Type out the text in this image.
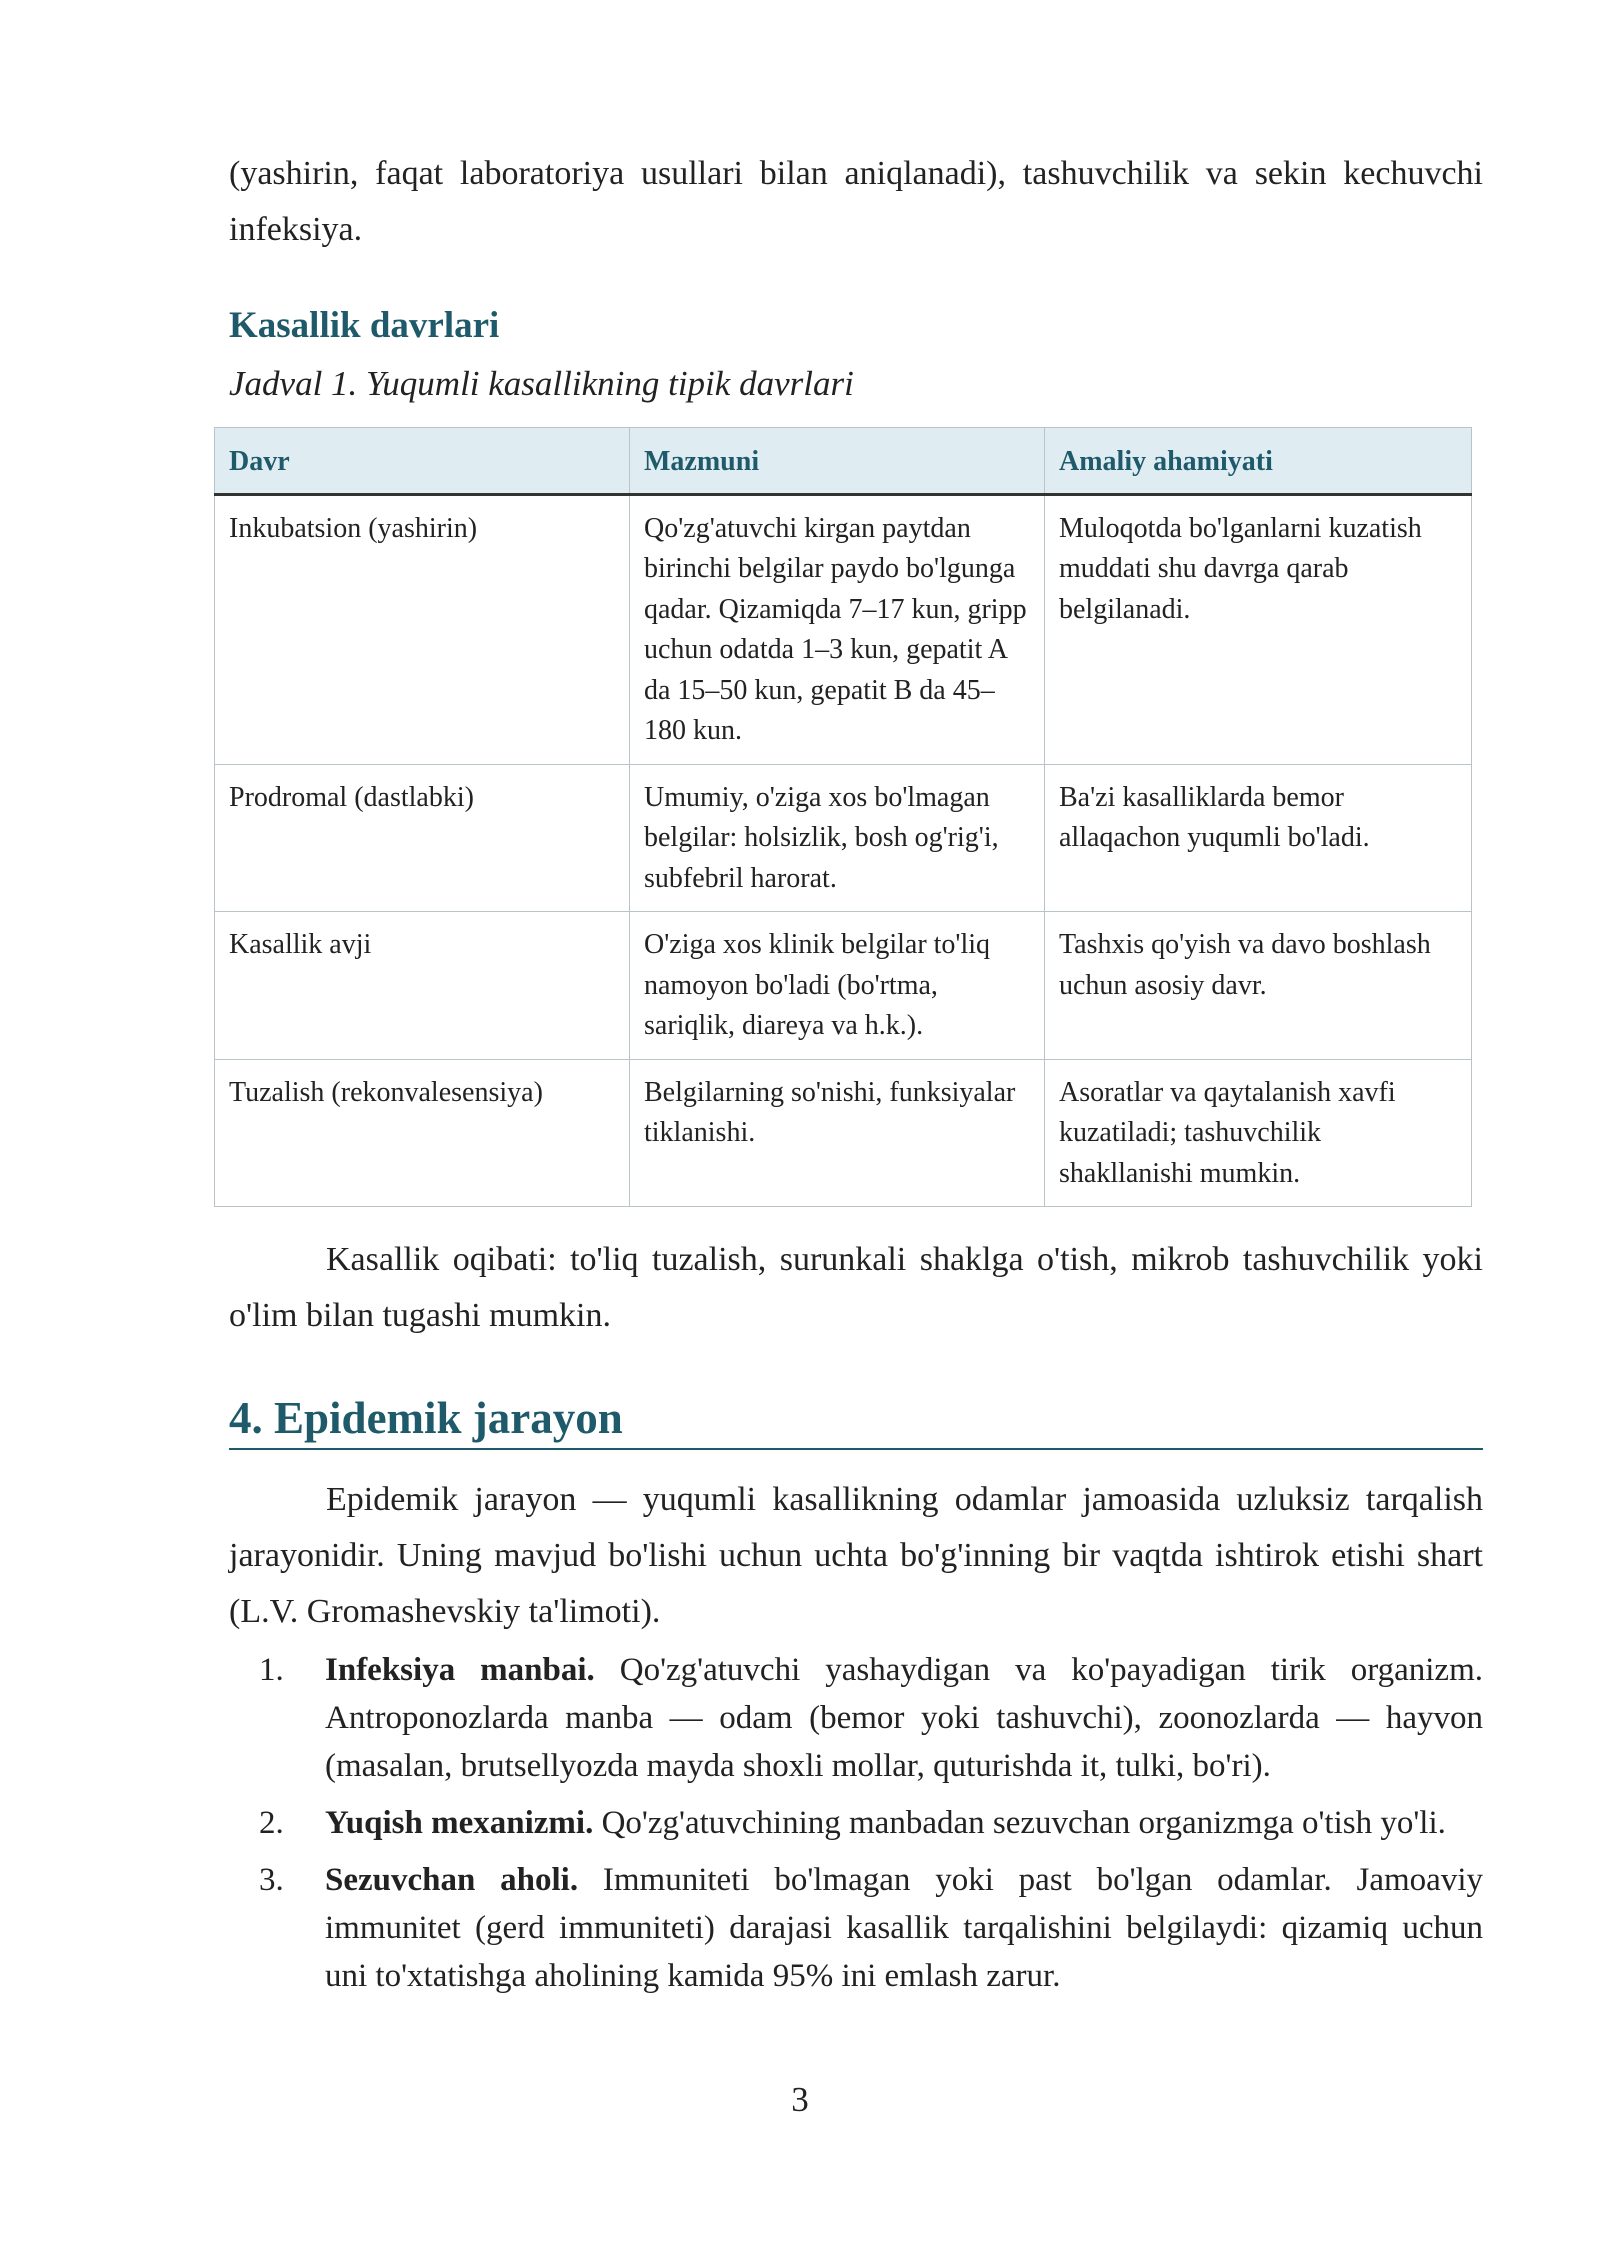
(yashirin, faqat laboratoriya usullari bilan aniqlanadi), tashuvchilik va sekin kechuvchi infeksiya.

Kasallik davrlari

Jadval 1. Yuqumli kasallikning tipik davrlari

Davr	Mazmuni	Amaliy ahamiyati
Inkubatsion (yashirin)	Qo'zg'atuvchi kirgan paytdan birinchi belgilar paydo bo'lgunga qadar. Qizamiqda 7–17 kun, gripp uchun odatda 1–3 kun, gepatit A da 15–50 kun, gepatit B da 45–180 kun.	Muloqotda bo'lganlarni kuzatish muddati shu davrga qarab belgilanadi.
Prodromal (dastlabki)	Umumiy, o'ziga xos bo'lmagan belgilar: holsizlik, bosh og'rig'i, subfebril harorat.	Ba'zi kasalliklarda bemor allaqachon yuqumli bo'ladi.
Kasallik avji	O'ziga xos klinik belgilar to'liq namoyon bo'ladi (bo'rtma, sariqlik, diareya va h.k.).	Tashxis qo'yish va davo boshlash uchun asosiy davr.
Tuzalish (rekonvalesensiya)	Belgilarning so'nishi, funksiyalar tiklanishi.	Asoratlar va qaytalanish xavfi kuzatiladi; tashuvchilik shakllanishi mumkin.

Kasallik oqibati: to'liq tuzalish, surunkali shaklga o'tish, mikrob tashuvchilik yoki o'lim bilan tugashi mumkin.

4. Epidemik jarayon

Epidemik jarayon — yuqumli kasallikning odamlar jamoasida uzluksiz tarqalish jarayonidir. Uning mavjud bo'lishi uchun uchta bo'g'inning bir vaqtda ishtirok etishi shart (L.V. Gromashevskiy ta'limoti).

1. Infeksiya manbai. Qo'zg'atuvchi yashaydigan va ko'payadigan tirik organizm. Antroponozlarda manba — odam (bemor yoki tashuvchi), zoonozlarda — hayvon (masalan, brutsellyozda mayda shoxli mollar, quturishda it, tulki, bo'ri).
2. Yuqish mexanizmi. Qo'zg'atuvchining manbadan sezuvchan organizmga o'tish yo'li.
3. Sezuvchan aholi. Immuniteti bo'lmagan yoki past bo'lgan odamlar. Jamoaviy immunitet (gerd immuniteti) darajasi kasallik tarqalishini belgilaydi: qizamiq uchun uni to'xtatishga aholining kamida 95% ini emlash zarur.
3
